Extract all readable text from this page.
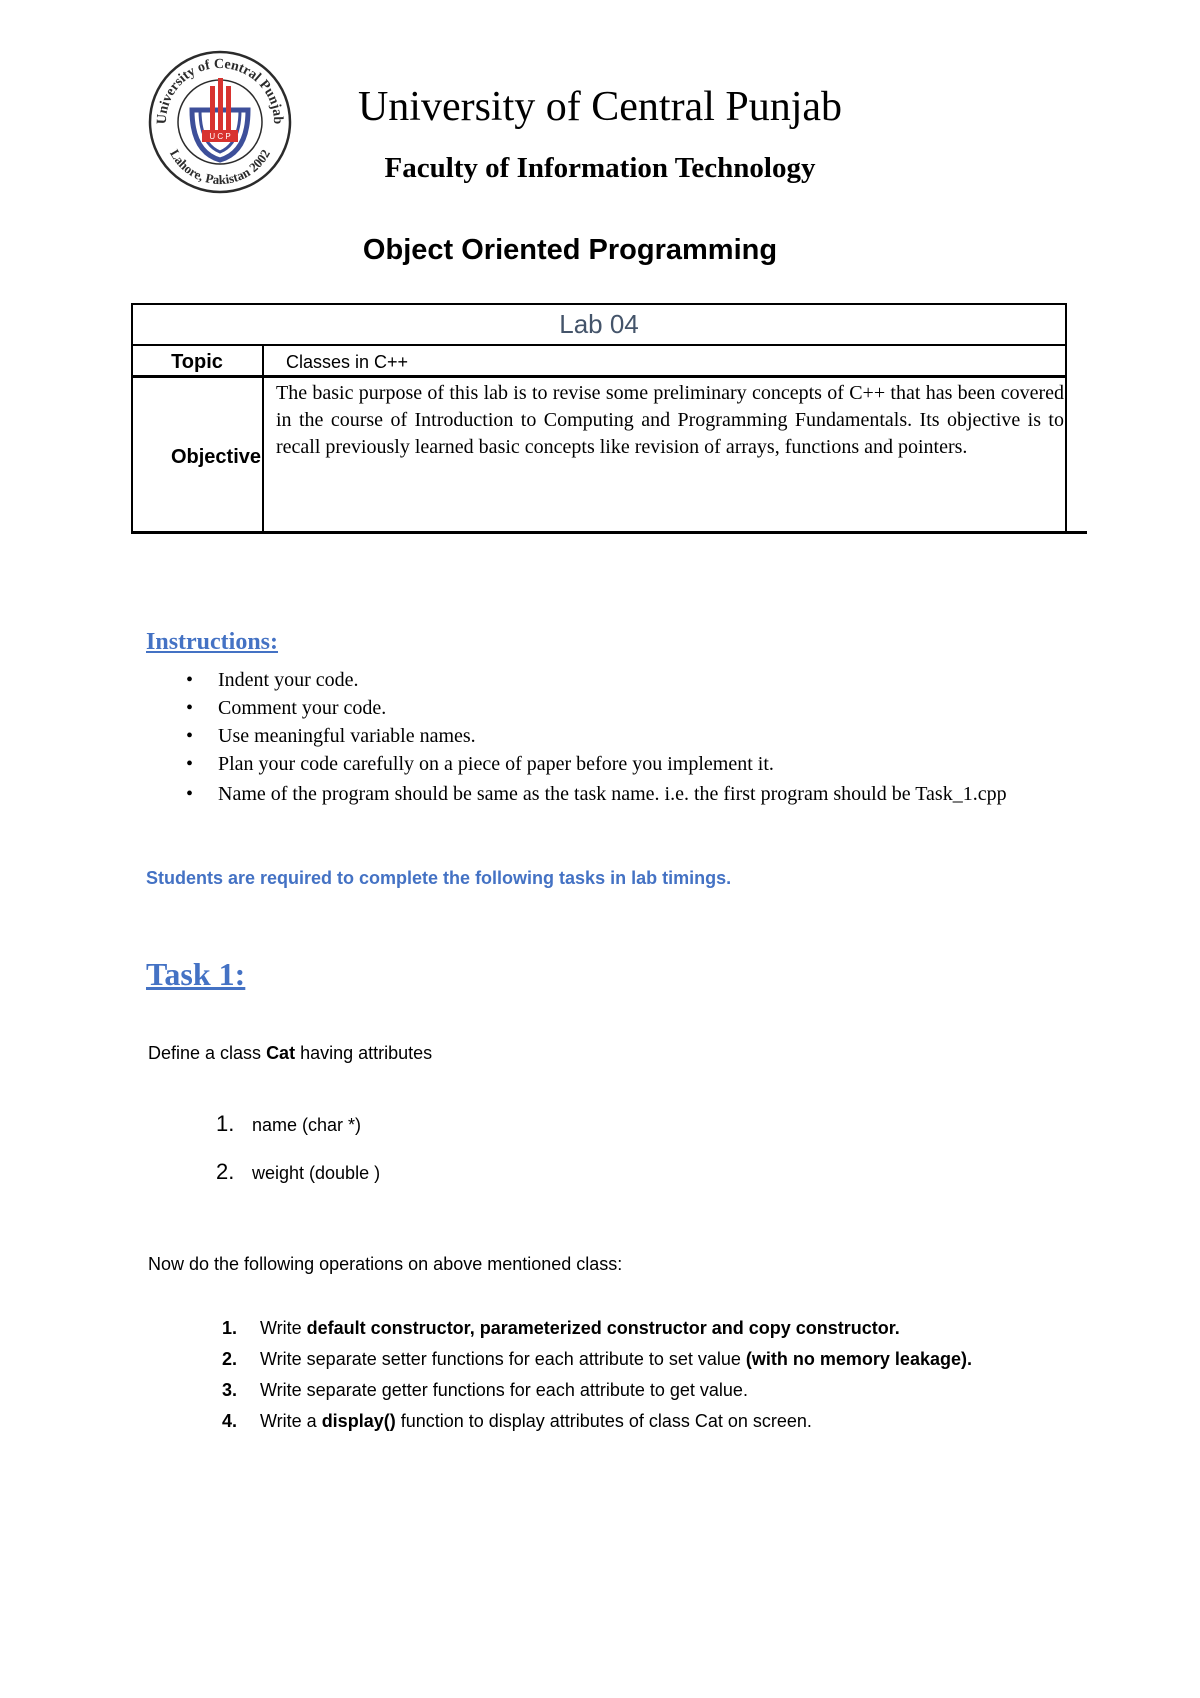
University of Central Punjab
Lahore, Pakistan 2002
U C P
University of Central Punjab
Faculty of Information Technology
Object Oriented Programming
Lab 04
Topic	Classes in C++
Objective
The basic purpose of this lab is to revise some preliminary concepts of C++ that has been covered in the course of Introduction to Computing and Programming Fundamentals. Its objective is to recall previously learned basic concepts like revision of arrays, functions and pointers.
Instructions:
• Indent your code.
• Comment your code.
• Use meaningful variable names.
• Plan your code carefully on a piece of paper before you implement it.
• Name of the program should be same as the task name. i.e. the first program should be Task_1.cpp
Students are required to complete the following tasks in lab timings.
Task 1:
Define a class Cat having attributes
1. name (char *)
2. weight (double )
Now do the following operations on above mentioned class:
1. Write default constructor, parameterized constructor and copy constructor.
2. Write separate setter functions for each attribute to set value (with no memory leakage).
3. Write separate getter functions for each attribute to get value.
4. Write a display() function to display attributes of class Cat on screen.
